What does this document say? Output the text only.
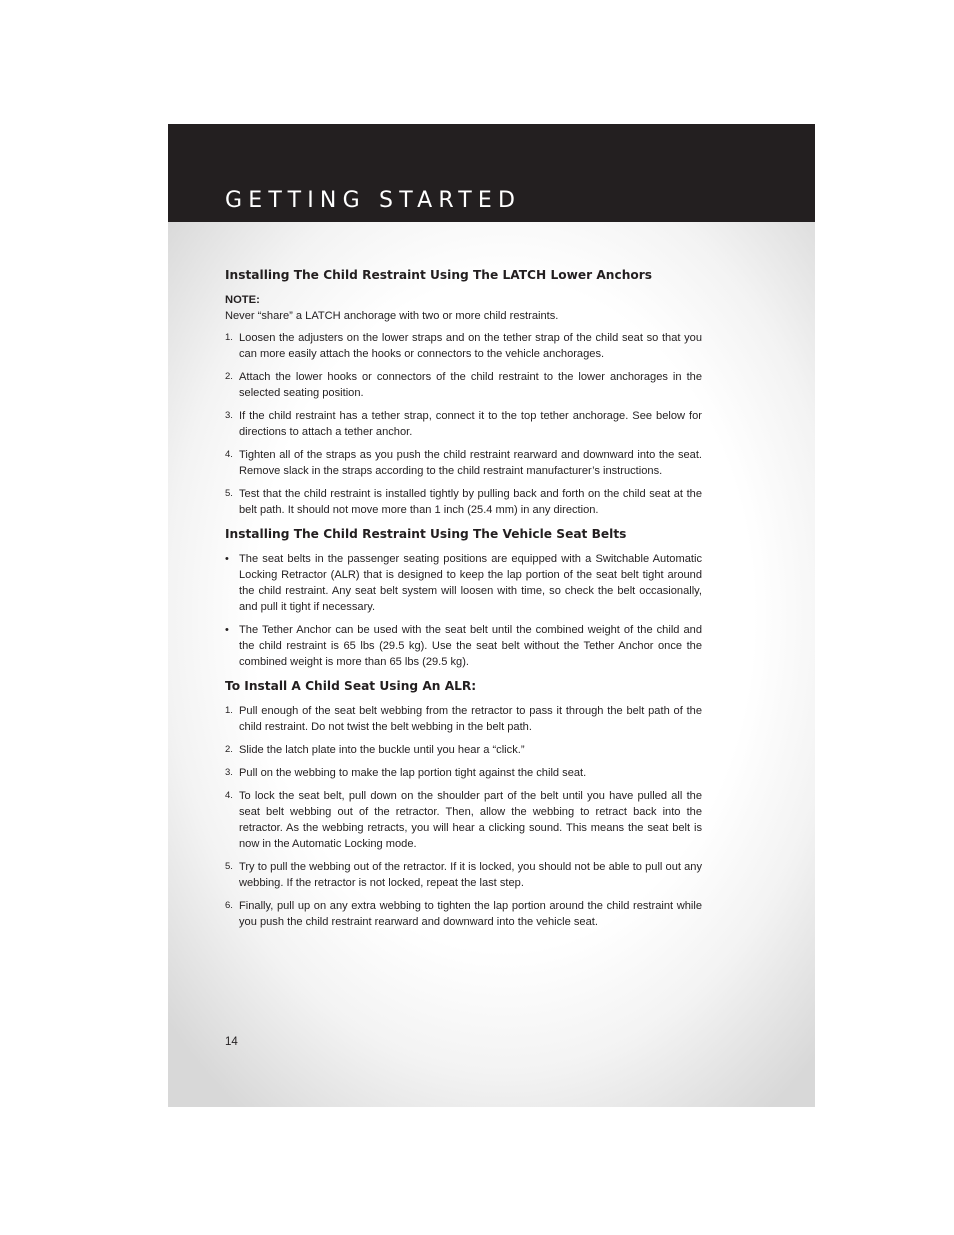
GETTING STARTED
Installing The Child Restraint Using The LATCH Lower Anchors

NOTE:

Never “share” a LATCH anchorage with two or more child restraints.

1. Loosen the adjusters on the lower straps and on the tether strap of the child seat so that you can more easily attach the hooks or connectors to the vehicle anchorages.
2. Attach the lower hooks or connectors of the child restraint to the lower anchorages in the selected seating position.
3. If the child restraint has a tether strap, connect it to the top tether anchorage. See below for directions to attach a tether anchor.
4. Tighten all of the straps as you push the child restraint rearward and downward into the seat. Remove slack in the straps according to the child restraint manufacturer’s instructions.
5. Test that the child restraint is installed tightly by pulling back and forth on the child seat at the belt path. It should not move more than 1 inch (25.4 mm) in any direction.
Installing The Child Restraint Using The Vehicle Seat Belts
• The seat belts in the passenger seating positions are equipped with a Switchable Automatic Locking Retractor (ALR) that is designed to keep the lap portion of the seat belt tight around the child restraint. Any seat belt system will loosen with time, so check the belt occasionally, and pull it tight if necessary.
• The Tether Anchor can be used with the seat belt until the combined weight of the child and the child restraint is 65 lbs (29.5 kg). Use the seat belt without the Tether Anchor once the combined weight is more than 65 lbs (29.5 kg).
To Install A Child Seat Using An ALR:
1. Pull enough of the seat belt webbing from the retractor to pass it through the belt path of the child restraint. Do not twist the belt webbing in the belt path.
2. Slide the latch plate into the buckle until you hear a “click.”
3. Pull on the webbing to make the lap portion tight against the child seat.
4. To lock the seat belt, pull down on the shoulder part of the belt until you have pulled all the seat belt webbing out of the retractor. Then, allow the webbing to retract back into the retractor. As the webbing retracts, you will hear a clicking sound. This means the seat belt is now in the Automatic Locking mode.
5. Try to pull the webbing out of the retractor. If it is locked, you should not be able to pull out any webbing. If the retractor is not locked, repeat the last step.
6. Finally, pull up on any extra webbing to tighten the lap portion around the child restraint while you push the child restraint rearward and downward into the vehicle seat.
14
